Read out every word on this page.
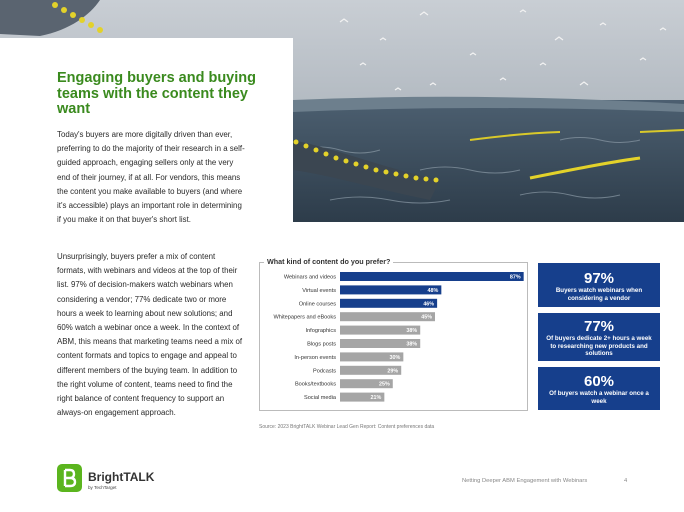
Engaging buyers and buying teams with the content they want

Today's buyers are more digitally driven than ever, preferring to do the majority of their research in a self-guided approach, engaging sellers only at the very end of their journey, if at all. For vendors, this means the content you make available to buyers (and where it's accessible) plays an important role in determining if you make it on that buyer's short list.

Unsurprisingly, buyers prefer a mix of content formats, with webinars and videos at the top of their list. 97% of decision-makers watch webinars when considering a vendor; 77% dedicate two or more hours a week to learning about new solutions; and 60% watch a webinar once a week. In the context of ABM, this means that marketing teams need a mix of content formats and topics to engage and appeal to different members of the buying team. In addition to the right volume of content, teams need to find the right balance of content frequency to support an always-on engagement approach.

Webinars and videos	87%
Virtual events	48%
Online courses	46%
Whitepapers and eBooks	45%
Infographics	38%
Blogs posts	38%
In-person events	30%
Podcasts	29%
Books/textbooks	25%
Social media	21%
What kind of content do you prefer?
Source: 2023 BrightTALK Webinar Lead Gen Report: Content preferences data
97%
Buyers watch webinars when considering a vendor
77%
Of buyers dedicate 2+ hours a week to researching new products and solutions
60%
Of buyers watch a webinar once a week
BrightTALK
by TechTarget
Netting Deeper ABM Engagement with Webinars	4
